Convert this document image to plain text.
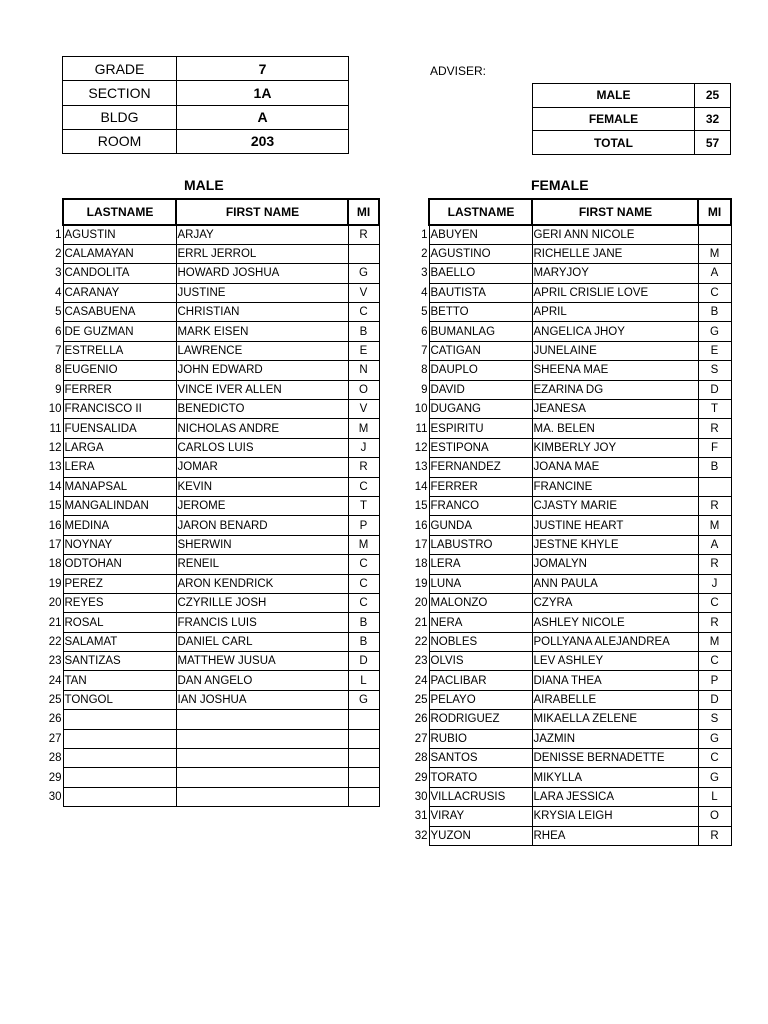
GRADE	7
SECTION	1A
BLDG	A
ROOM	203
ADVISER:
MALE	25
FEMALE	32
TOTAL	57
MALE	FEMALE
	LASTNAME	FIRST NAME	MI
1	AGUSTIN	ARJAY	R
2	CALAMAYAN	ERRL JERROL	
3	CANDOLITA	HOWARD JOSHUA	G
4	CARANAY	JUSTINE	V
5	CASABUENA	CHRISTIAN	C
6	DE GUZMAN	MARK EISEN	B
7	ESTRELLA	LAWRENCE	E
8	EUGENIO	JOHN EDWARD	N
9	FERRER	VINCE IVER ALLEN	O
10	FRANCISCO II	BENEDICTO	V
11	FUENSALIDA	NICHOLAS ANDRE	M
12	LARGA	CARLOS LUIS	J
13	LERA	JOMAR	R
14	MANAPSAL	KEVIN	C
15	MANGALINDAN	JEROME	T
16	MEDINA	JARON BENARD	P
17	NOYNAY	SHERWIN	M
18	ODTOHAN	RENEIL	C
19	PEREZ	ARON KENDRICK	C
20	REYES	CZYRILLE JOSH	C
21	ROSAL	FRANCIS LUIS	B
22	SALAMAT	DANIEL CARL	B
23	SANTIZAS	MATTHEW JUSUA	D
24	TAN	DAN ANGELO	L
25	TONGOL	IAN JOSHUA	G
26			
27			
28			
29			
30			
	LASTNAME	FIRST NAME	MI
1	ABUYEN	GERI ANN NICOLE	
2	AGUSTINO	RICHELLE JANE	M
3	BAELLO	MARYJOY	A
4	BAUTISTA	APRIL CRISLIE LOVE	C
5	BETTO	APRIL	B
6	BUMANLAG	ANGELICA JHOY	G
7	CATIGAN	JUNELAINE	E
8	DAUPLO	SHEENA MAE	S
9	DAVID	EZARINA DG	D
10	DUGANG	JEANESA	T
11	ESPIRITU	MA. BELEN	R
12	ESTIPONA	KIMBERLY JOY	F
13	FERNANDEZ	JOANA MAE	B
14	FERRER	FRANCINE	
15	FRANCO	CJASTY MARIE	R
16	GUNDA	JUSTINE HEART	M
17	LABUSTRO	JESTNE KHYLE	A
18	LERA	JOMALYN	R
19	LUNA	ANN PAULA	J
20	MALONZO	CZYRA	C
21	NERA	ASHLEY NICOLE	R
22	NOBLES	POLLYANA ALEJANDREA	M
23	OLVIS	LEV ASHLEY	C
24	PACLIBAR	DIANA THEA	P
25	PELAYO	AIRABELLE	D
26	RODRIGUEZ	MIKAELLA ZELENE	S
27	RUBIO	JAZMIN	G
28	SANTOS	DENISSE BERNADETTE	C
29	TORATO	MIKYLLA	G
30	VILLACRUSIS	LARA JESSICA	L
31	VIRAY	KRYSIA LEIGH	O
32	YUZON	RHEA	R
